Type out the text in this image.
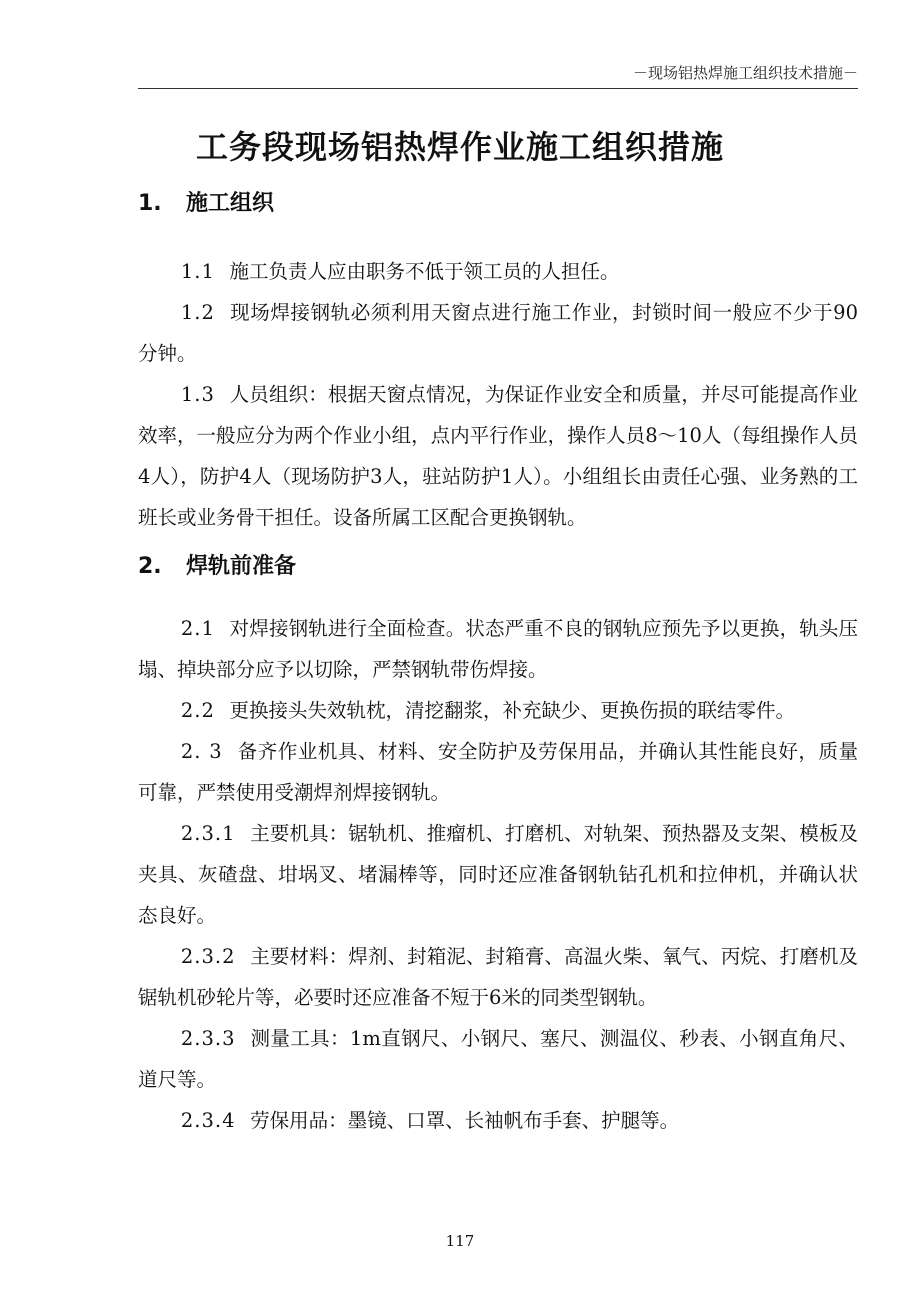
－现场铝热焊施工组织技术措施－
工务段现场铝热焊作业施工组织措施
1. 施工组织

1.1 施工负责人应由职务不低于领工员的人担任。

1.2 现场焊接钢轨必须利用天窗点进行施工作业，封锁时间一般应不少于90分钟。

1.3 人员组织：根据天窗点情况，为保证作业安全和质量，并尽可能提高作业效率，一般应分为两个作业小组，点内平行作业，操作人员8～10人（每组操作人员4人），防护4人（现场防护3人，驻站防护1人）。小组组长由责任心强、业务熟的工班长或业务骨干担任。设备所属工区配合更换钢轨。

2. 焊轨前准备

2.1 对焊接钢轨进行全面检查。状态严重不良的钢轨应预先予以更换，轨头压塌、掉块部分应予以切除，严禁钢轨带伤焊接。

2.2 更换接头失效轨枕，清挖翻浆，补充缺少、更换伤损的联结零件。

2. 3 备齐作业机具、材料、安全防护及劳保用品，并确认其性能良好，质量可靠，严禁使用受潮焊剂焊接钢轨。

2.3.1 主要机具：锯轨机、推瘤机、打磨机、对轨架、预热器及支架、模板及夹具、灰碴盘、坩埚叉、堵漏棒等，同时还应准备钢轨钻孔机和拉伸机，并确认状态良好。

2.3.2 主要材料：焊剂、封箱泥、封箱膏、高温火柴、氧气、丙烷、打磨机及锯轨机砂轮片等，必要时还应准备不短于6米的同类型钢轨。

2.3.3 测量工具：1m直钢尺、小钢尺、塞尺、测温仪、秒表、小钢直角尺、道尺等。

2.3.4 劳保用品：墨镜、口罩、长袖帆布手套、护腿等。

117
